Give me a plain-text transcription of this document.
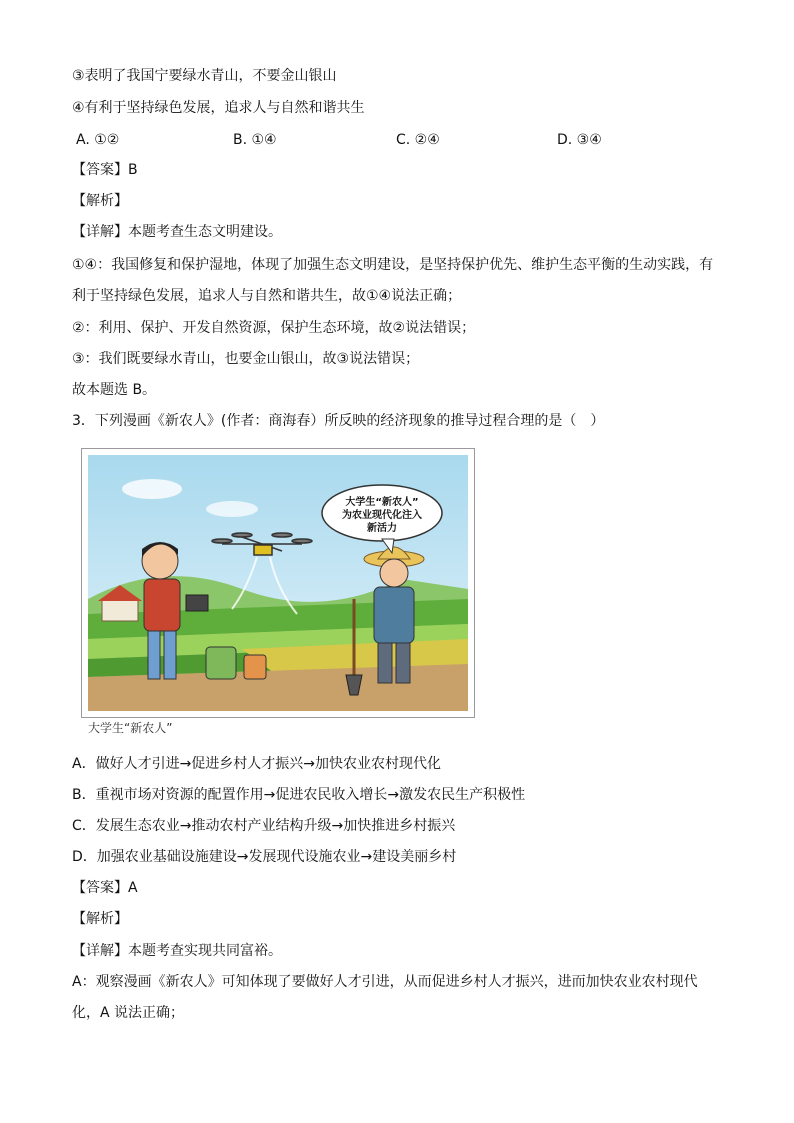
③表明了我国宁要绿水青山，不要金山银山
④有利于坚持绿色发展，追求人与自然和谐共生
A. ①②	B. ①④	C. ②④	D. ③④
【答案】B
【解析】
【详解】本题考查生态文明建设。
①④：我国修复和保护湿地，体现了加强生态文明建设，是坚持保护优先、维护生态平衡的生动实践，有
利于坚持绿色发展，追求人与自然和谐共生，故①④说法正确；
②：利用、保护、开发自然资源，保护生态环境，故②说法错误；
③：我们既要绿水青山，也要金山银山，故③说法错误；
故本题选 B。
3．下列漫画《新农人》(作者：商海春）所反映的经济现象的推导过程合理的是（　）
大学生“新农人”
为农业现代化注入
新活力
大学生“新农人”
A．做好人才引进→促进乡村人才振兴→加快农业农村现代化
B．重视市场对资源的配置作用→促进农民收入增长→激发农民生产积极性
C．发展生态农业→推动农村产业结构升级→加快推进乡村振兴
D．加强农业基础设施建设→发展现代设施农业→建设美丽乡村
【答案】A
【解析】
【详解】本题考查实现共同富裕。
A：观察漫画《新农人》可知体现了要做好人才引进，从而促进乡村人才振兴，进而加快农业农村现代
化，A 说法正确；
